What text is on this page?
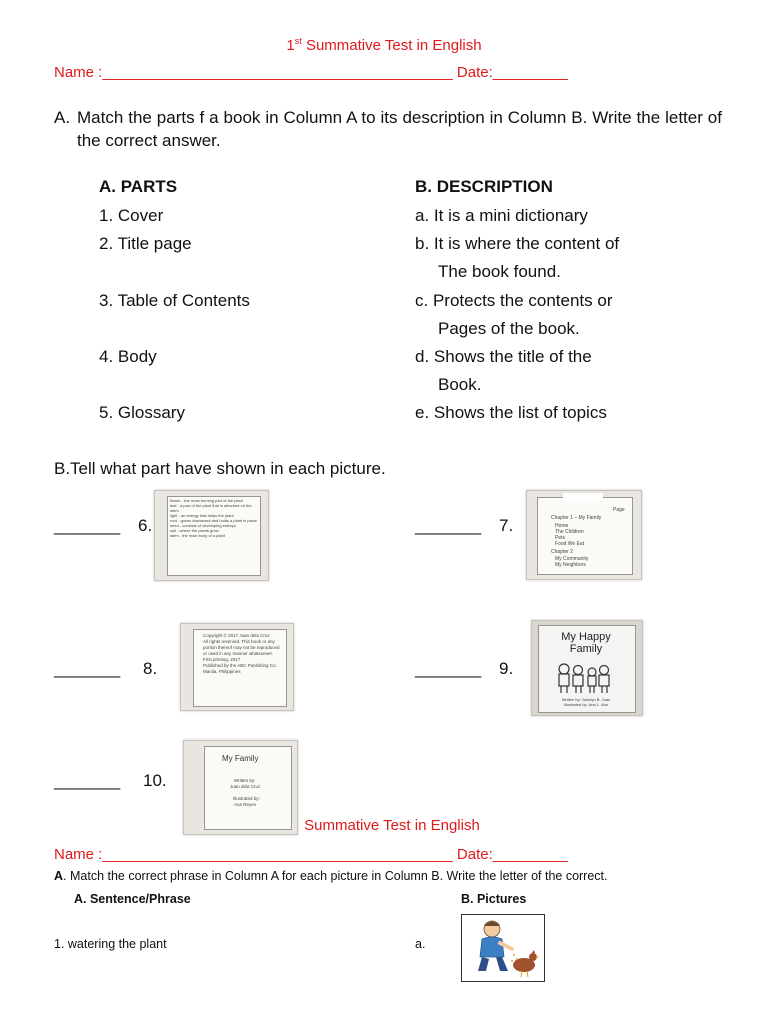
1st Summative Test in English
Name :__________________________________________ Date:_________
A. Match the parts f a book in Column A to its description in Column B. Write the letter of the correct answer.
A. PARTS	B. DESCRIPTION
1. Cover
2. Title page
3. Table of Contents
4. Body
5. Glossary
a. It is a mini dictionary
b. It is where the content of
The book found.
c. Protects the contents or
Pages of the book.
d. Shows the title of the
Book.
e. Shows the list of topics
B.Tell what part have shown in each picture.
_______ 6.
flower - the most forming part of the plant
leaf - a part of the plant that is attached on the stem
light - an energy that helps the plant
root - grows downward and holds a plant in place
seed - consists of developing embryo
soil - where the plants grow
stem - the main body of a plant
_______ 7.
Page
Chapter 1 – My Family
Home
The Children
Pets
Food We Eat
Chapter 2
My Community
My Neighbors
_______ 8.
Copyright © 2017 Juan dela Cruz
All rights reserved. This book or any portion thereof may not be reproduced or used in any manner whatsoever.
First printing, 2017
Published by the ABC Publishing Co. Manila, Philippines	_______ 9.
My Happy Family
Written by: Jubelyn B. Juan
Illustrated by: Ana L. Abu
_______ 10.
My Family
Written by:
Juan dela Cruz
Illustrated by:
Ana Reyes
Summative Test in English
Name :__________________________________________ Date:_________
A. Match the correct phrase in Column A for each picture in Column B. Write the letter of the correct.
A. Sentence/Phrase	B. Pictures
1. watering the plant	a.
